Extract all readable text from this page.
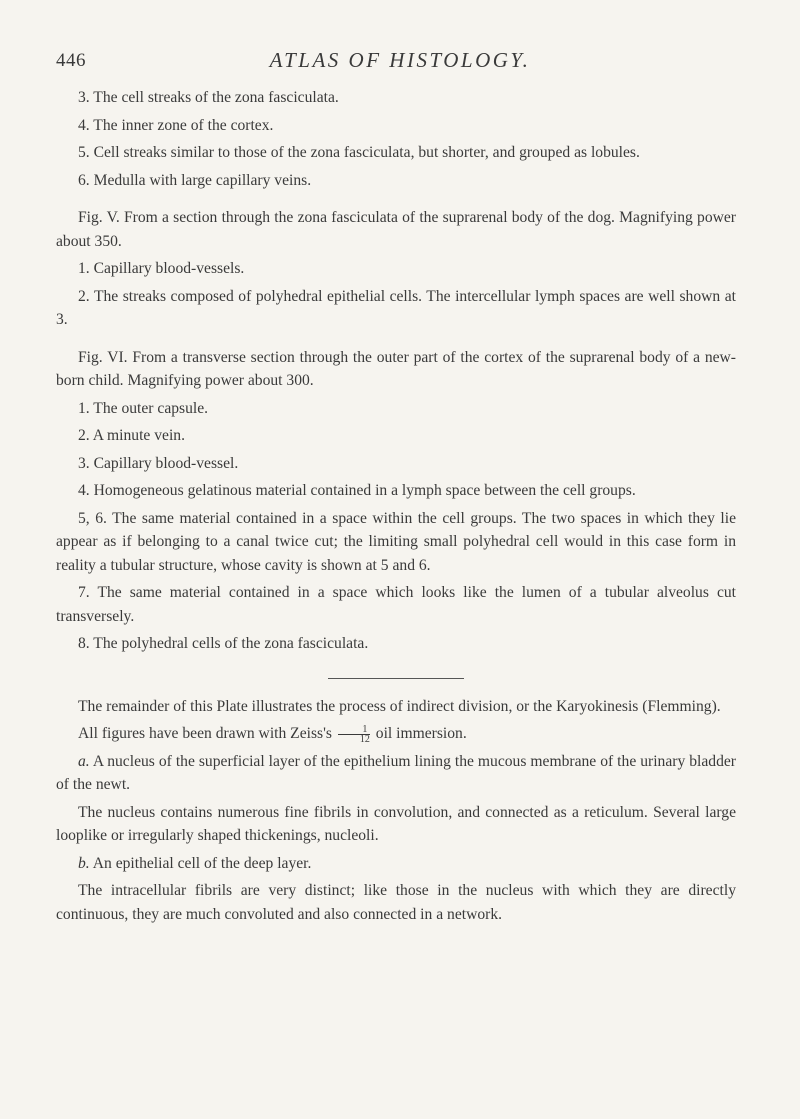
446	ATLAS OF HISTOLOGY.

3. The cell streaks of the zona fasciculata.

4. The inner zone of the cortex.

5. Cell streaks similar to those of the zona fasciculata, but shorter, and grouped as lobules.

6. Medulla with large capillary veins.

Fig. V. From a section through the zona fasciculata of the suprarenal body of the dog. Magnifying power about 350.

1. Capillary blood-vessels.

2. The streaks composed of polyhedral epithelial cells. The intercellular lymph spaces are well shown at 3.

Fig. VI. From a transverse section through the outer part of the cortex of the suprarenal body of a new-born child. Magnifying power about 300.

1. The outer capsule.

2. A minute vein.

3. Capillary blood-vessel.

4. Homogeneous gelatinous material contained in a lymph space between the cell groups.

5, 6. The same material contained in a space within the cell groups. The two spaces in which they lie appear as if belonging to a canal twice cut; the limiting small polyhedral cell would in this case form in reality a tubular structure, whose cavity is shown at 5 and 6.

7. The same material contained in a space which looks like the lumen of a tubular alveolus cut transversely.

8. The polyhedral cells of the zona fasciculata.

The remainder of this Plate illustrates the process of indirect division, or the Karyokinesis (Flemming).

All figures have been drawn with Zeiss's $\frac{1}{12}$ oil immersion.

a. A nucleus of the superficial layer of the epithelium lining the mucous membrane of the urinary bladder of the newt.

The nucleus contains numerous fine fibrils in convolution, and connected as a reticulum. Several large looplike or irregularly shaped thickenings, nucleoli.

b. An epithelial cell of the deep layer.

The intracellular fibrils are very distinct; like those in the nucleus with which they are directly continuous, they are much convoluted and also connected in a network.
